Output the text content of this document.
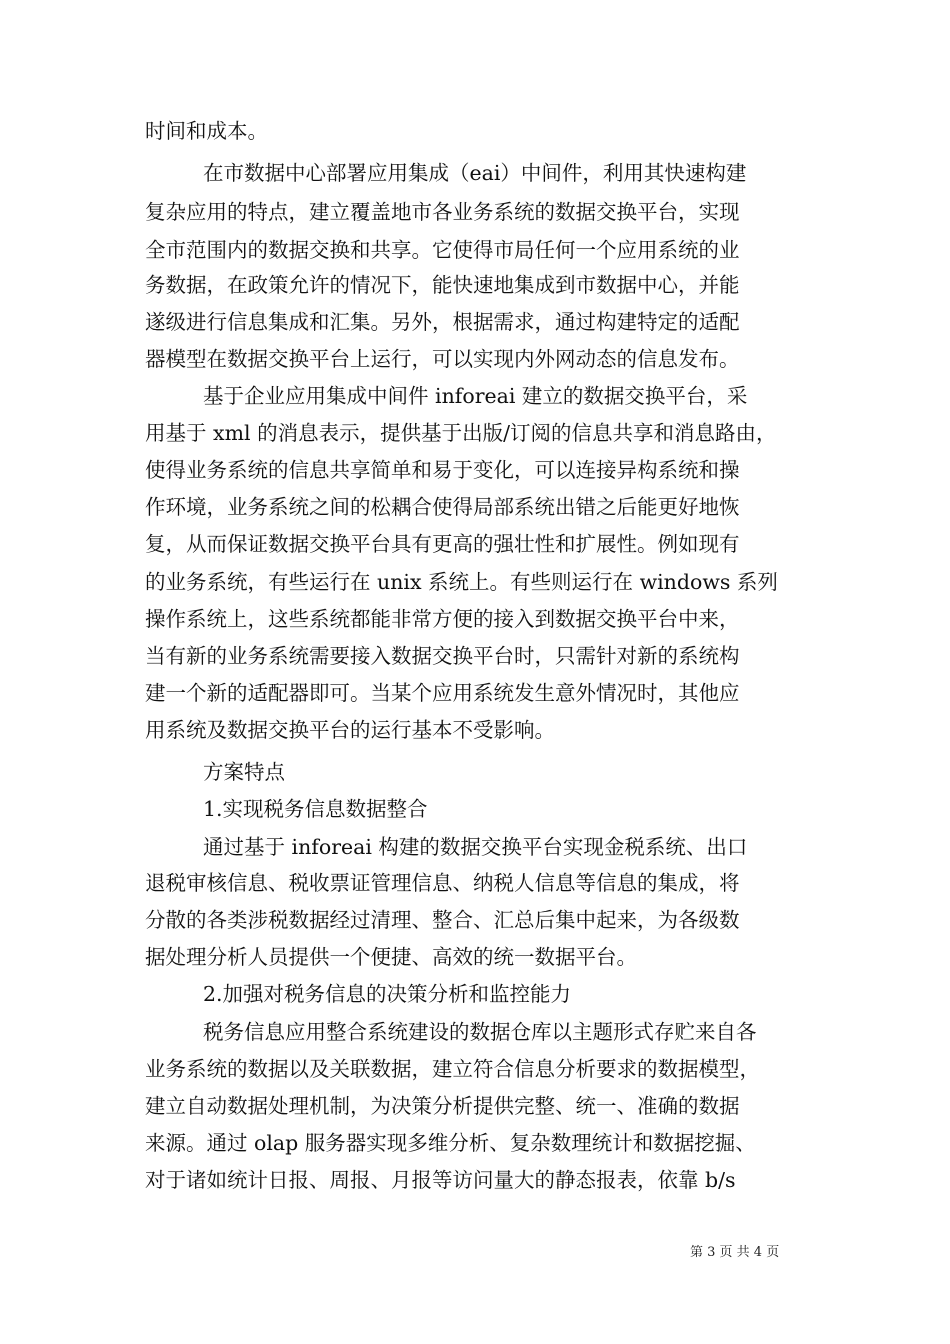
时间和成本。
在市数据中心部署应用集成（eai）中间件，利用其快速构建
复杂应用的特点，建立覆盖地市各业务系统的数据交换平台，实现
全市范围内的数据交换和共享。它使得市局任何一个应用系统的业
务数据，在政策允许的情况下，能快速地集成到市数据中心，并能
遂级进行信息集成和汇集。另外，根据需求，通过构建特定的适配
器模型在数据交换平台上运行，可以实现内外网动态的信息发布。
基于企业应用集成中间件 inforeai 建立的数据交换平台，采
用基于 xml 的消息表示，提供基于出版/订阅的信息共享和消息路由，
使得业务系统的信息共享简单和易于变化，可以连接异构系统和操
作环境，业务系统之间的松耦合使得局部系统出错之后能更好地恢
复，从而保证数据交换平台具有更高的强壮性和扩展性。例如现有
的业务系统，有些运行在 unix 系统上。有些则运行在 windows 系列
操作系统上，这些系统都能非常方便的接入到数据交换平台中来，
当有新的业务系统需要接入数据交换平台时，只需针对新的系统构
建一个新的适配器即可。当某个应用系统发生意外情况时，其他应
用系统及数据交换平台的运行基本不受影响。
方案特点
1.实现税务信息数据整合
通过基于 inforeai 构建的数据交换平台实现金税系统、出口
退税审核信息、税收票证管理信息、纳税人信息等信息的集成，将
分散的各类涉税数据经过清理、整合、汇总后集中起来，为各级数
据处理分析人员提供一个便捷、高效的统一数据平台。
2.加强对税务信息的决策分析和监控能力
税务信息应用整合系统建设的数据仓库以主题形式存贮来自各
业务系统的数据以及关联数据，建立符合信息分析要求的数据模型，
建立自动数据处理机制，为决策分析提供完整、统一、准确的数据
来源。通过 olap 服务器实现多维分析、复杂数理统计和数据挖掘、
对于诸如统计日报、周报、月报等访问量大的静态报表，依靠 b/s
第 3 页 共 4 页
